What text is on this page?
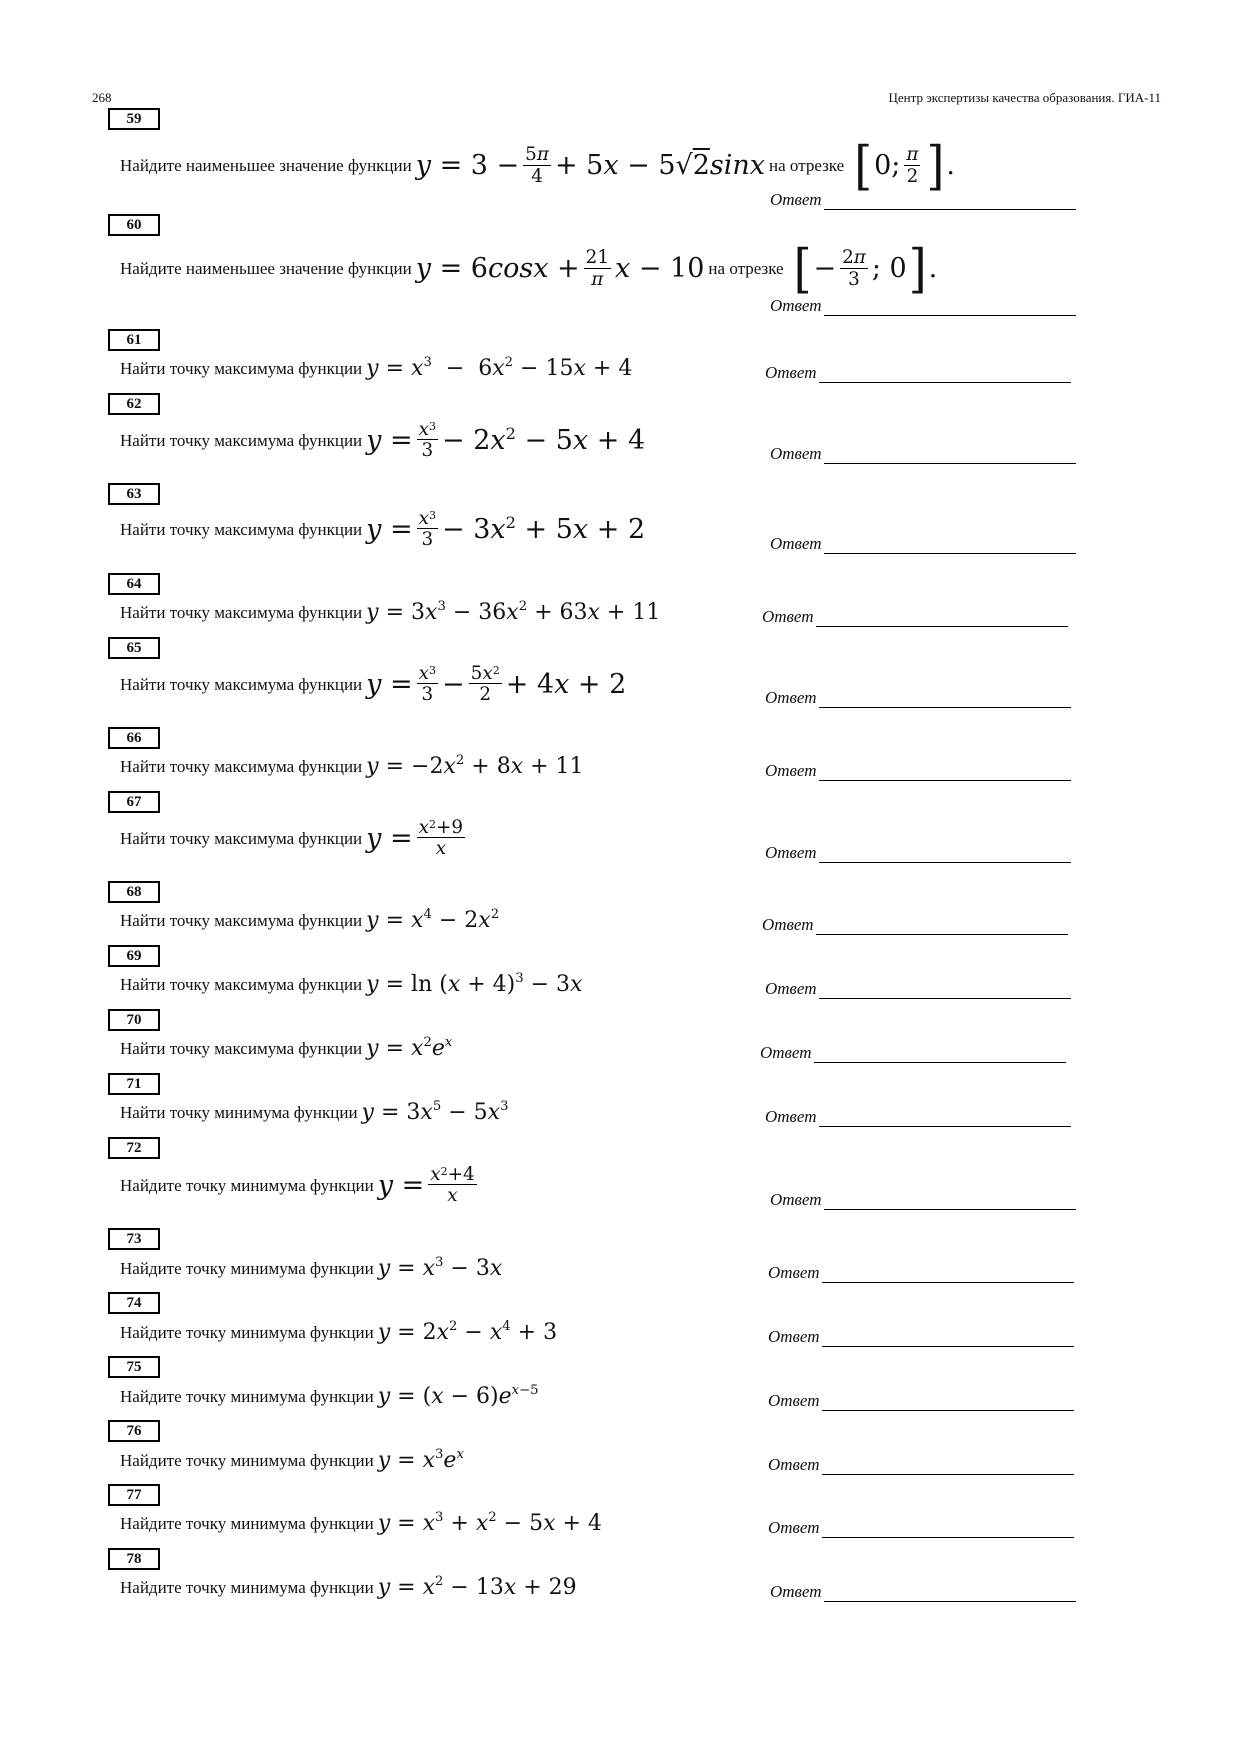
268	Центр экспертизы качества образования. ГИА-11
59
Найдите наименьшее значение функции $y = 3 - \frac{5\pi}{4} + 5$ x − 5√ 2 sinx на отрезке [ 0; $\frac{\pi}{2}$ ] .
Ответ
60
Найдите наименьшее значение функции y = 6 $\cos x + \frac{21}{\pi}$ x − 10 на отрезке [ − $\frac{2\pi}{3}$ ; 0 ] .
Ответ
61
Найти точку максимума функции $y = x^3 - 6$ $x^2 - 15$ x + 4	Ответ
62
Найти точку максимума функции $y = \frac{x^3}{3} - 2$ $x^2 - 5$ x + 4	Ответ
63
Найти точку максимума функции $y = \frac{x^3}{3} - 3$ $x^2 + 5$ x + 2	Ответ
64
Найти точку максимума функции y = 3 $x^3 - 36$ $x^2 + 63$ x + 11	Ответ
65
Найти точку максимума функции $y = \frac{x^3}{3} - \frac{5x^2}{2} + 4$ x + 2	Ответ
66
Найти точку максимума функции y = −2 $x^2 + 8$ x + 11	Ответ
67
Найти точку максимума функции $y = \frac{x^2+9}{x}$	Ответ
68
Найти точку максимума функции $y = x^4 - 2$ $x^2$
Ответ
69
Найти точку максимума функции y = ln ( x + 4)$^3$ − 3 x	Ответ
70
Найти точку максимума функции $y = x^2$ e $^x$
Ответ
71
Найти точку минимума функции y = 3 $x^5 - 5$ $x^3$
Ответ
72
Найдите точку минимума функции $y = \frac{x^2+4}{x}$	Ответ
73
Найдите точку минимума функции $y = x^3 - 3$ x	Ответ
74
Найдите точку минимума функции y = 2 $x^2 - x^4 + 3$	Ответ
75
Найдите точку минимума функции y = ( x − 6) e $^{x-5}$
Ответ
76
Найдите точку минимума функции $y = x^3$ e $^x$
Ответ
77
Найдите точку минимума функции $y = x^3 + x^2 - 5$ x + 4	Ответ
78
Найдите точку минимума функции $y = x^2 - 13$ x + 29	Ответ
